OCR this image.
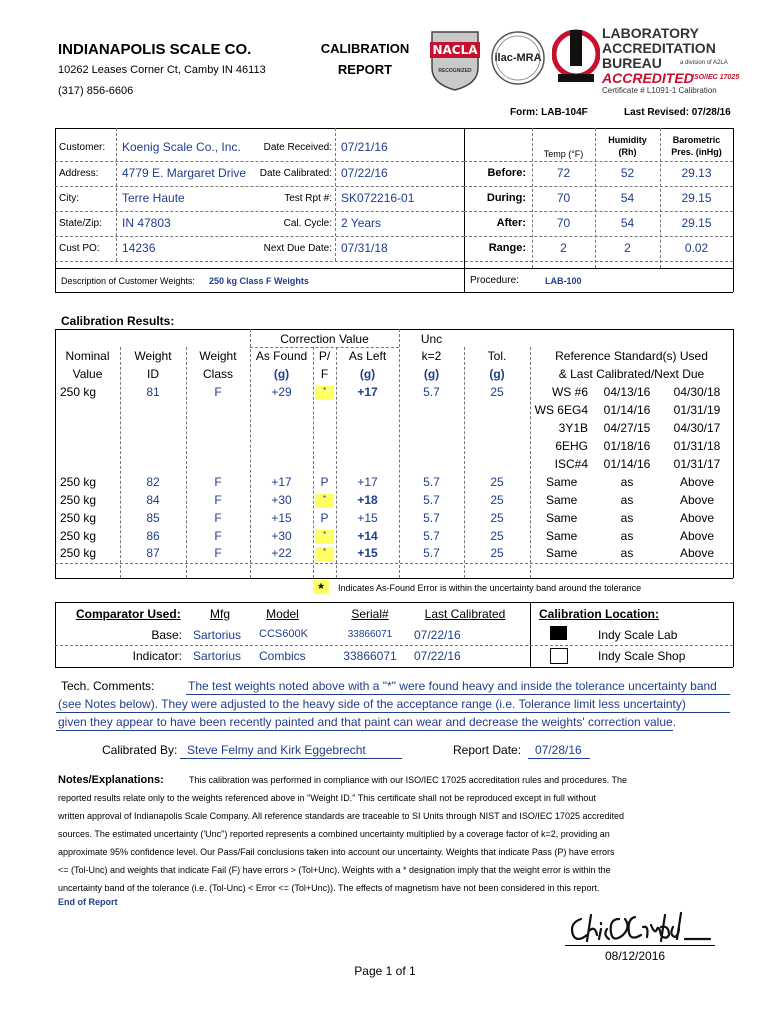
INDIANAPOLIS SCALE CO.
10262 Leases Corner Ct, Camby IN 46113
(317) 856-6606
CALIBRATION
REPORT
NACLA
RECOGNIZED
ilac-MRA
LABORATORY
ACCREDITATION
BUREAU	a division of A2LA
ACCREDITED
ISO/IEC 17025
Certificate # L1091-1 Calibration
Form: LAB-104F	Last Revised: 07/28/16
Customer: Koenig Scale Co., Inc.
Address: 4779 E. Margaret Drive
City:	Terre Haute
State/Zip: IN 47803
Cust PO: 14236
Date Received: 07/21/16
Date Calibrated: 07/22/16
Test Rpt #: SK072216-01
Cal. Cycle: 2 Years
Next Due Date: 07/31/18
Description of Customer Weights: 250 kg Class F Weights	Procedure:	LAB-100
Temp (°F)
Humidity
(Rh)
Barometric
Pres. (inHg)
Before:	72	52	29.13
During:	70	54	29.15
After:	70	54	29.15
Range:	2	2	0.02
Calibration Results:
Correction Value	Unc
Nominal
Value
Weight
ID
Weight
Class
As Found
(g)
P/
F
As Left
(g)
k=2
(g)
Tol.
(g)
Reference Standard(s) Used
& Last Calibrated/Next Due
250 kg	81	F	+29	*	+17	5.7	25	WS #6	04/13/16	04/30/18
WS 6EG4	01/14/16	01/31/19
3Y1B	04/27/15	04/30/17
6EHG	01/18/16	01/31/18
ISC#4	01/14/16	01/31/17
250 kg	82	F	+17	P	+17	5.7	25	Same	as	Above
250 kg	84	F	+30	*	+18	5.7	25	Same	as	Above
250 kg	85	F	+15	P	+15	5.7	25	Same	as	Above
250 kg	86	F	+30	*	+14	5.7	25	Same	as	Above
250 kg	87	F	+22	*	+15	5.7	25	Same	as	Above
*	Indicates As-Found Error is within the uncertainty band around the tolerance
Comparator Used:	Mfg	Model	Serial#	Last Calibrated	Calibration Location:
Base: Sartorius CCS600K	33866071	07/22/16
Indicator: Sartorius Combics	33866071	07/22/16
Indy Scale Lab
Indy Scale Shop
Tech. Comments:	The test weights noted above with a "*" were found heavy and inside the tolerance uncertainty band
(see Notes below). They were adjusted to the heavy side of the acceptance range (i.e. Tolerance limit less uncertainty)
given they appear to have been recently painted and that paint can wear and decrease the weights' correction value.
Calibrated By: Steve Felmy and Kirk Eggebrecht	Report Date: 07/28/16
Notes/Explanations:	This calibration was performed in compliance with our ISO/IEC 17025 accreditation rules and procedures. The
reported results relate only to the weights referenced above in "Weight ID." This certificate shall not be reproduced except in full without
written approval of Indianapolis Scale Company. All reference standards are traceable to SI Units through NIST and ISO/IEC 17025 accredited
sources. The estimated uncertainty ('Unc") reported represents a combined uncertainty multiplied by a coverage factor of k=2, providing an
approximate 95% confidence level. Our Pass/Fail conclusions taken into account our uncertainty. Weights that indicate Pass (P) have errors
<= (Tol-Unc) and weights that indicate Fail (F) have errors > (Tol+Unc). Weights with a * designation imply that the weight error is within the
uncertainty band of the tolerance (i.e. (Tol-Unc) < Error <= (Tol+Unc)). The effects of magnetism have not been considered in this report.
End of Report
08/12/2016
Page 1 of 1
